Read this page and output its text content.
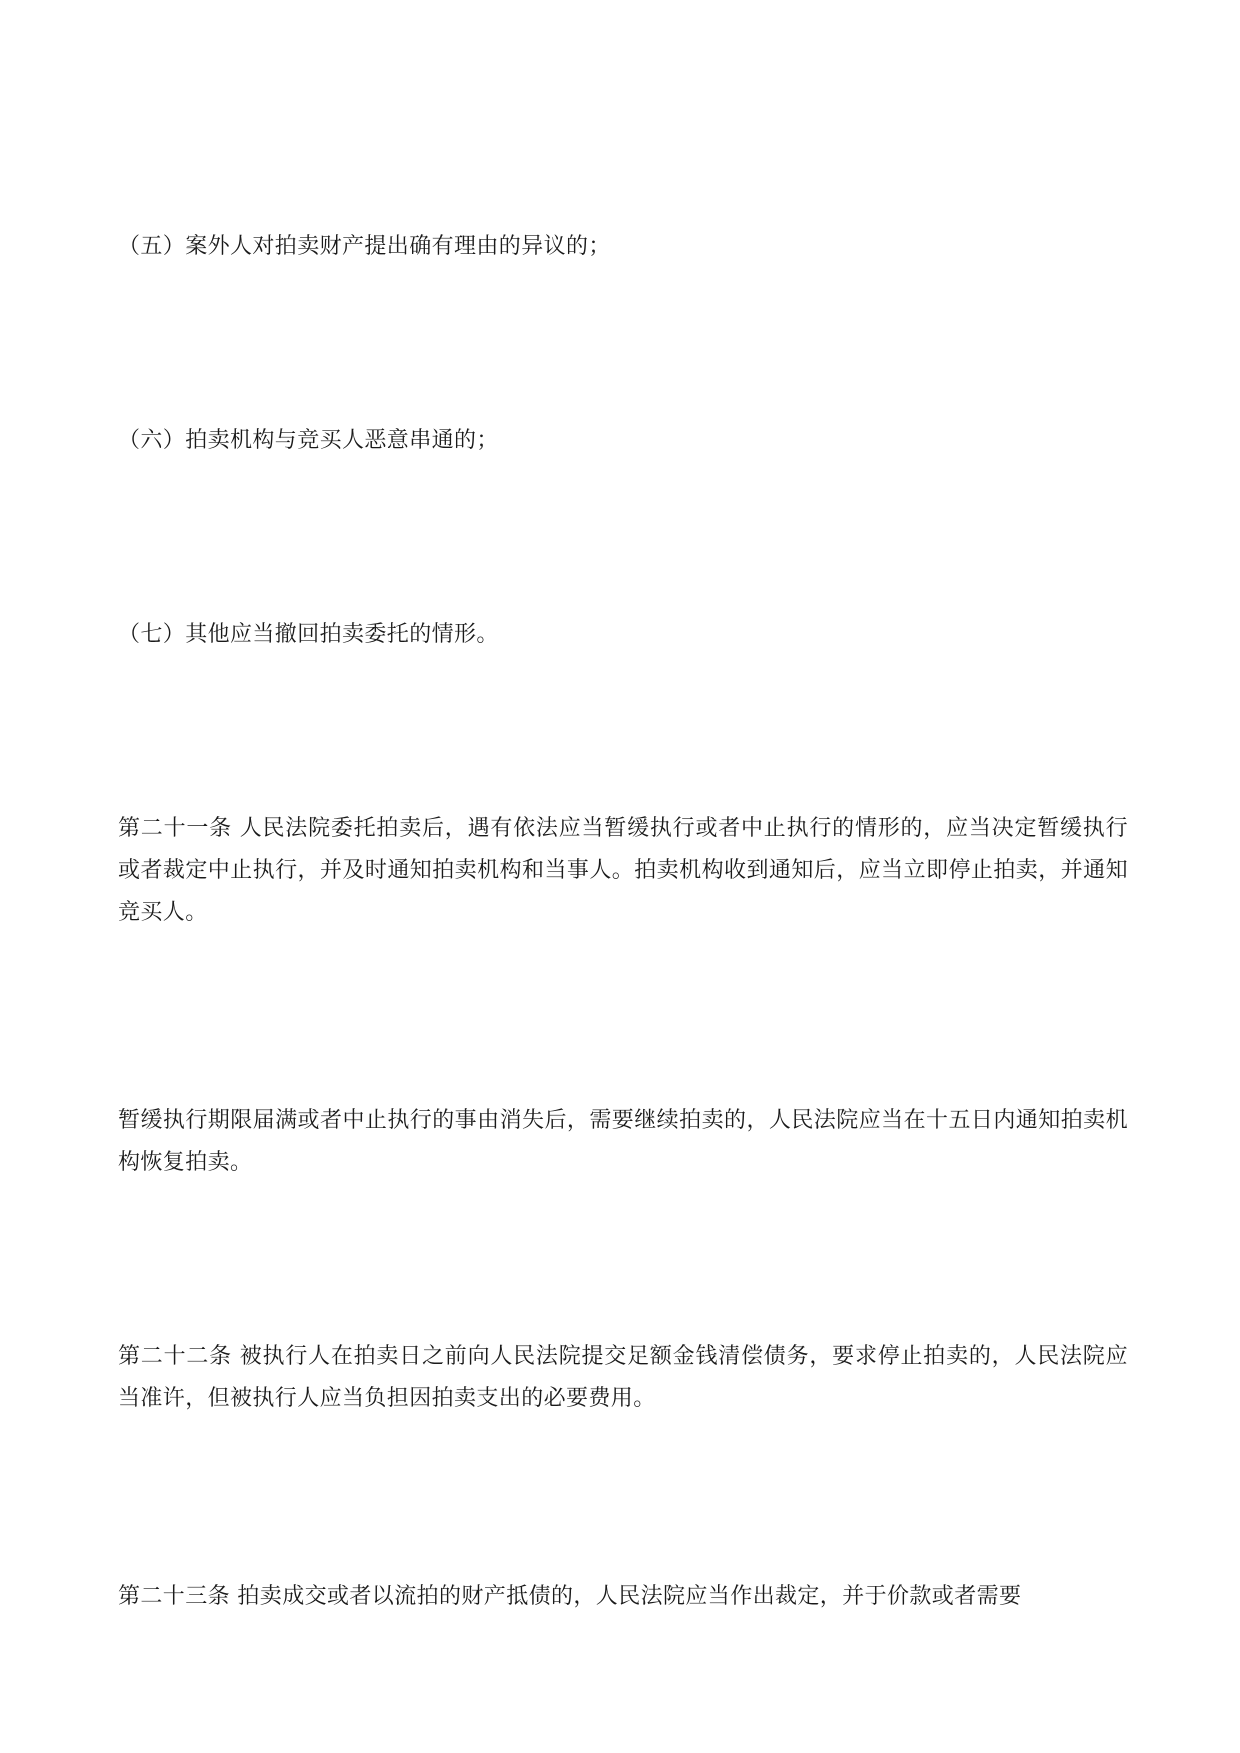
（五）案外人对拍卖财产提出确有理由的异议的；

（六）拍卖机构与竞买人恶意串通的；

（七）其他应当撤回拍卖委托的情形。

第二十一条 人民法院委托拍卖后，遇有依法应当暂缓执行或者中止执行的情形的，应当决定暂缓执行或者裁定中止执行，并及时通知拍卖机构和当事人。拍卖机构收到通知后，应当立即停止拍卖，并通知竞买人。

暂缓执行期限届满或者中止执行的事由消失后，需要继续拍卖的，人民法院应当在十五日内通知拍卖机构恢复拍卖。

第二十二条 被执行人在拍卖日之前向人民法院提交足额金钱清偿债务，要求停止拍卖的，人民法院应当准许，但被执行人应当负担因拍卖支出的必要费用。

第二十三条 拍卖成交或者以流拍的财产抵债的，人民法院应当作出裁定，并于价款或者需要
